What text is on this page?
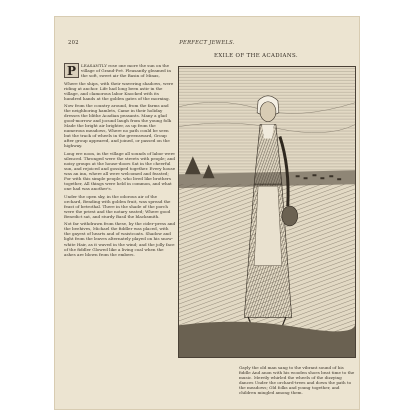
202	PERFECT JEWELS.
EXILE OF THE ACADIANS.

P	LEASANTLY rose one more the sun on the village of Grand-Pré. Pleasantly gleamed in the soft, sweet air the Basin of Minas,

Where the ships, with their wavering shadows, were riding at anchor. Life had long been astir in the village, and clamorous labor Knocked with its hundred hands at the golden gates of the morning.

Now from the country around, from the farms and the neighboring hamlets, Came in their holiday dresses the blithe Acadian peasants. Many a glad good-morrow and jocund laugh from the young folk Made the bright air brighter, as up from the numerous meadows, Where no path could be seen but the track of wheels in the greensward, Group after group appeared, and joined, or passed on the highway.

Long ere noon, in the village all sounds of labor were silenced. Thronged were the streets with people; and noisy groups at the house-doors Sat in the cheerful sun, and rejoiced and gossiped together. Every house was an inn, where all were welcomed and feasted; For with this simple people, who lived like brothers together, All things were held in common, and what one had was another's.

Under the open sky, in the odorous air of the orchard, Bending with golden fruit, was spread the feast of betrothal. There in the shade of the porch were the priest and the notary seated; Where good Benedict sat, and sturdy Basil the blacksmith.

Not far withdrawn from these, by the cider-press and the beehives, Michael the fiddler was placed, with the gayest of hearts and of waistcoats. Shadow and light from the leaves alternately played on his snow-white Hair, as it waved in the wind; and the jolly face of the fiddler Glowed like a living coal when the ashes are blown from the embers.

Gayly the old man sang to the vibrant sound of his fiddle And anon with his wooden shoes beat time to the music. Merrily whirled the wheels of the dizzying dances Under the orchard-trees and down the path to the meadows; Old folks and young together, and children mingled among them.
